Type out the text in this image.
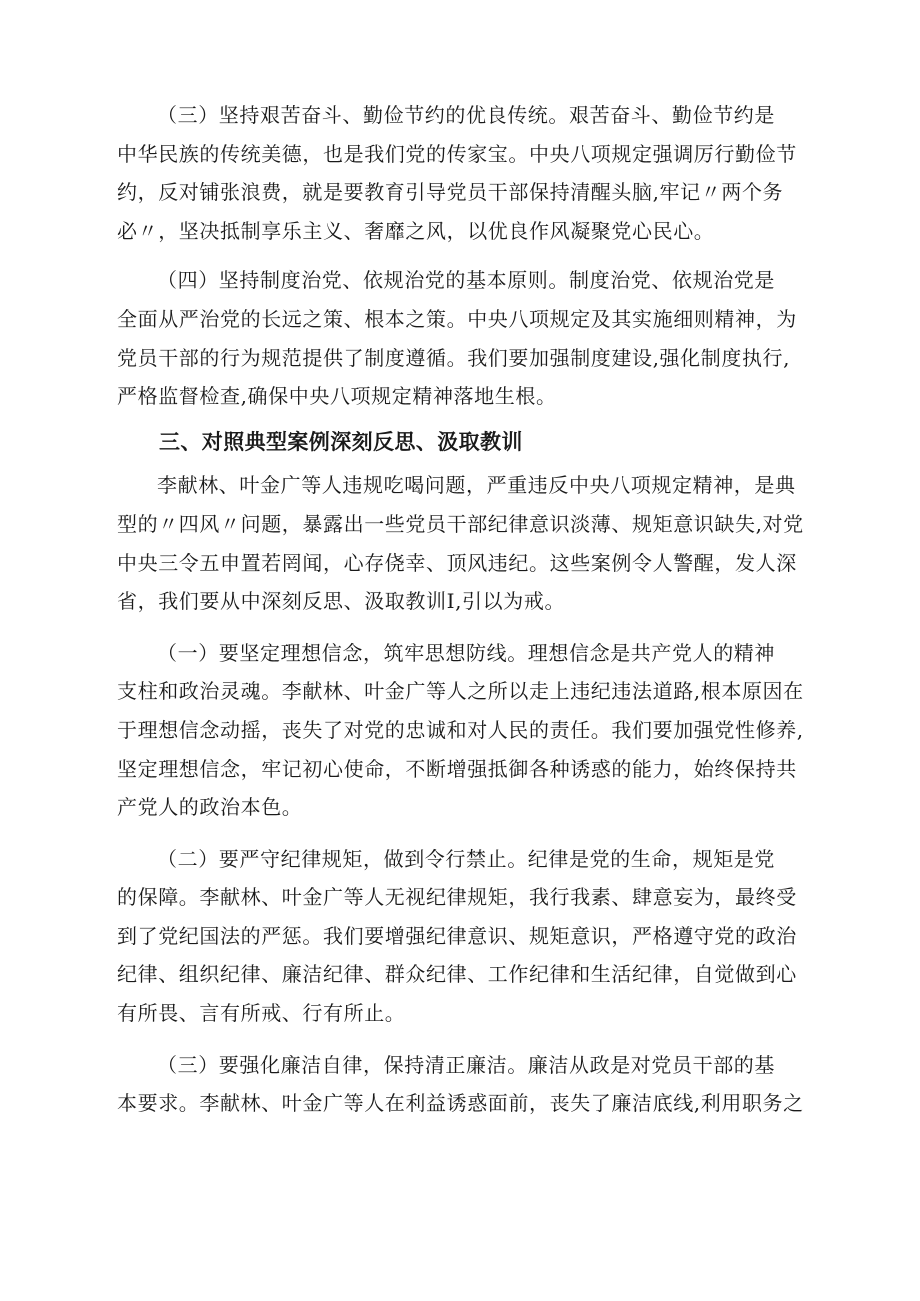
（三）坚持艰苦奋斗、勤俭节约的优良传统。艰苦奋斗、勤俭节约是
中华民族的传统美德，也是我们党的传家宝。中央八项规定强调厉行勤俭节
约，反对铺张浪费，就是要教育引导党员干部保持清醒头脑,牢记〃两个务
必〃，坚决抵制享乐主义、奢靡之风，以优良作风凝聚党心民心。

（四）坚持制度治党、依规治党的基本原则。制度治党、依规治党是
全面从严治党的长远之策、根本之策。中央八项规定及其实施细则精神，为
党员干部的行为规范提供了制度遵循。我们要加强制度建设,强化制度执行,
严格监督检查,确保中央八项规定精神落地生根。

三、对照典型案例深刻反思、汲取教训

李献林、叶金广等人违规吃喝问题，严重违反中央八项规定精神，是典
型的〃四风〃问题，暴露出一些党员干部纪律意识淡薄、规矩意识缺失,对党
中央三令五申置若罔闻，心存侥幸、顶风违纪。这些案例令人警醒，发人深
省，我们要从中深刻反思、汲取教训I,引以为戒。

（一）要坚定理想信念，筑牢思想防线。理想信念是共产党人的精神
支柱和政治灵魂。李献林、叶金广等人之所以走上违纪违法道路,根本原因在
于理想信念动摇，丧失了对党的忠诚和对人民的责任。我们要加强党性修养,
坚定理想信念，牢记初心使命，不断增强抵御各种诱惑的能力，始终保持共
产党人的政治本色。

（二）要严守纪律规矩，做到令行禁止。纪律是党的生命，规矩是党
的保障。李献林、叶金广等人无视纪律规矩，我行我素、肆意妄为，最终受
到了党纪国法的严惩。我们要增强纪律意识、规矩意识，严格遵守党的政治
纪律、组织纪律、廉洁纪律、群众纪律、工作纪律和生活纪律，自觉做到心
有所畏、言有所戒、行有所止。

（三）要强化廉洁自律，保持清正廉洁。廉洁从政是对党员干部的基
本要求。李献林、叶金广等人在利益诱惑面前，丧失了廉洁底线,利用职务之
